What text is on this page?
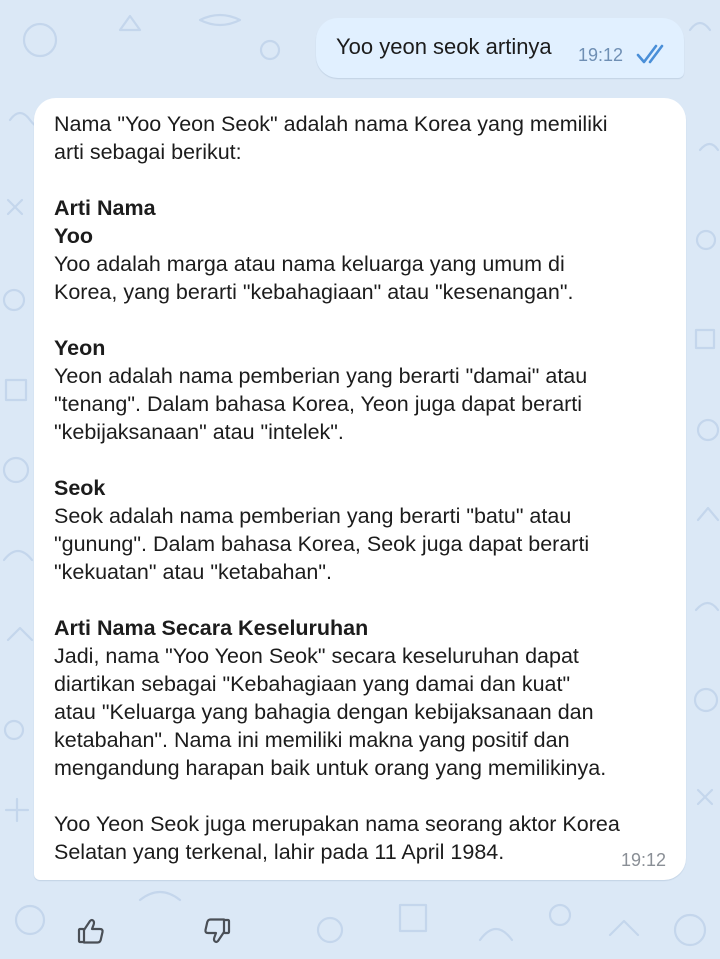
Yoo yeon seok artinya 19:12
Nama "Yoo Yeon Seok" adalah nama Korea yang memiliki
arti sebagai berikut:
Arti Nama
Yoo
Yoo adalah marga atau nama keluarga yang umum di
Korea, yang berarti "kebahagiaan" atau "kesenangan".
Yeon
Yeon adalah nama pemberian yang berarti "damai" atau
"tenang". Dalam bahasa Korea, Yeon juga dapat berarti
"kebijaksanaan" atau "intelek".
Seok
Seok adalah nama pemberian yang berarti "batu" atau
"gunung". Dalam bahasa Korea, Seok juga dapat berarti
"kekuatan" atau "ketabahan".
Arti Nama Secara Keseluruhan
Jadi, nama "Yoo Yeon Seok" secara keseluruhan dapat
diartikan sebagai "Kebahagiaan yang damai dan kuat"
atau "Keluarga yang bahagia dengan kebijaksanaan dan
ketabahan". Nama ini memiliki makna yang positif dan
mengandung harapan baik untuk orang yang memilikinya.
Yoo Yeon Seok juga merupakan nama seorang aktor Korea
Selatan yang terkenal, lahir pada 11 April 1984.	19:12
